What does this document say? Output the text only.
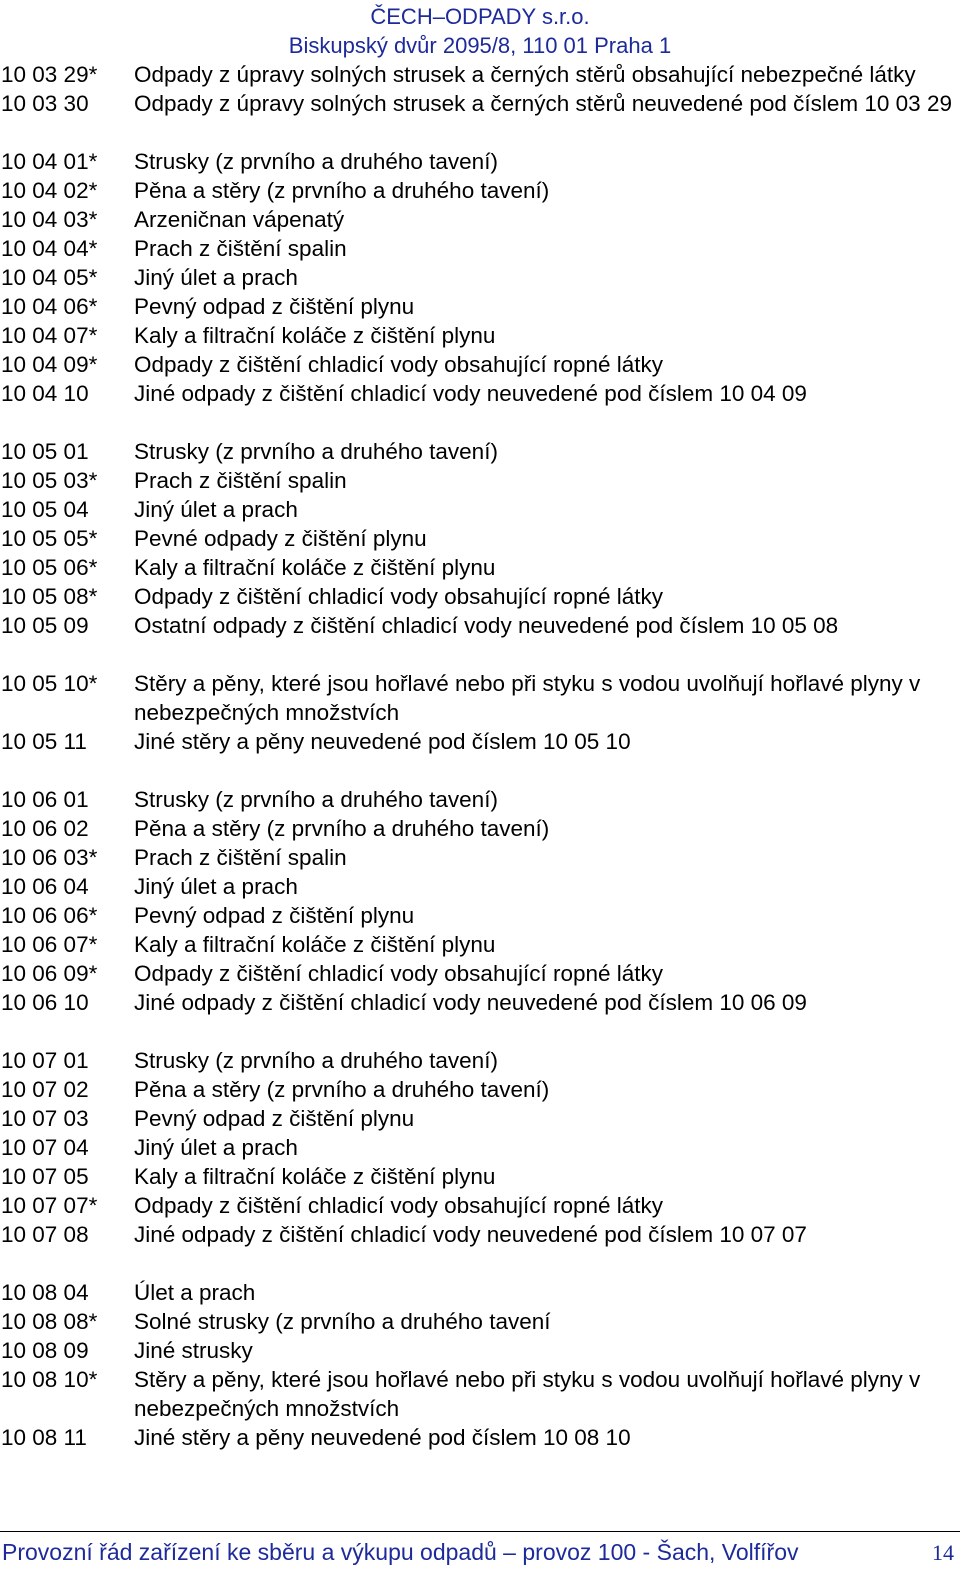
ČECH–ODPADY s.r.o.
Biskupský dvůr 2095/8, 110 01 Praha 1
10 03 29*	Odpady z úpravy solných strusek a černých stěrů obsahující nebezpečné látky
10 03 30	Odpady z úpravy solných strusek a černých stěrů neuvedené pod číslem 10 03 29
10 04 01*	Strusky (z prvního a druhého tavení)
10 04 02*	Pěna a stěry (z prvního a druhého tavení)
10 04 03*	Arzeničnan vápenatý
10 04 04*	Prach z čištění spalin
10 04 05*	Jiný úlet a prach
10 04 06*	Pevný odpad z čištění plynu
10 04 07*	Kaly a filtrační koláče z čištění plynu
10 04 09*	Odpady z čištění chladicí vody obsahující ropné látky
10 04 10	Jiné odpady z čištění chladicí vody neuvedené pod číslem 10 04 09
10 05 01	Strusky (z prvního a druhého tavení)
10 05 03*	Prach z čištění spalin
10 05 04	Jiný úlet a prach
10 05 05*	Pevné odpady z čištění plynu
10 05 06*	Kaly a filtrační koláče z čištění plynu
10 05 08*	Odpady z čištění chladicí vody obsahující ropné látky
10 05 09	Ostatní odpady z čištění chladicí vody neuvedené pod číslem 10 05 08
10 05 10*	Stěry a pěny, které jsou hořlavé nebo při styku s vodou uvolňují hořlavé plyny v nebezpečných množstvích
10 05 11	Jiné stěry a pěny neuvedené pod číslem 10 05 10
10 06 01	Strusky (z prvního a druhého tavení)
10 06 02	Pěna a stěry (z prvního a druhého tavení)
10 06 03*	Prach z čištění spalin
10 06 04	Jiný úlet a prach
10 06 06*	Pevný odpad z čištění plynu
10 06 07*	Kaly a filtrační koláče z čištění plynu
10 06 09*	Odpady z čištění chladicí vody obsahující ropné látky
10 06 10	Jiné odpady z čištění chladicí vody neuvedené pod číslem 10 06 09
10 07 01	Strusky (z prvního a druhého tavení)
10 07 02	Pěna a stěry (z prvního a druhého tavení)
10 07 03	Pevný odpad z čištění plynu
10 07 04	Jiný úlet a prach
10 07 05	Kaly a filtrační koláče z čištění plynu
10 07 07*	Odpady z čištění chladicí vody obsahující ropné látky
10 07 08	Jiné odpady z čištění chladicí vody neuvedené pod číslem 10 07 07
10 08 04	Úlet a prach
10 08 08*	Solné strusky (z prvního a druhého tavení
10 08 09	Jiné strusky
10 08 10*	Stěry a pěny, které jsou hořlavé nebo při styku s vodou uvolňují hořlavé plyny v nebezpečných množstvích
10 08 11	Jiné stěry a pěny neuvedené pod číslem 10 08 10
Provozní řád zařízení ke sběru a výkupu odpadů – provoz 100 - Šach, Volfířov	14
